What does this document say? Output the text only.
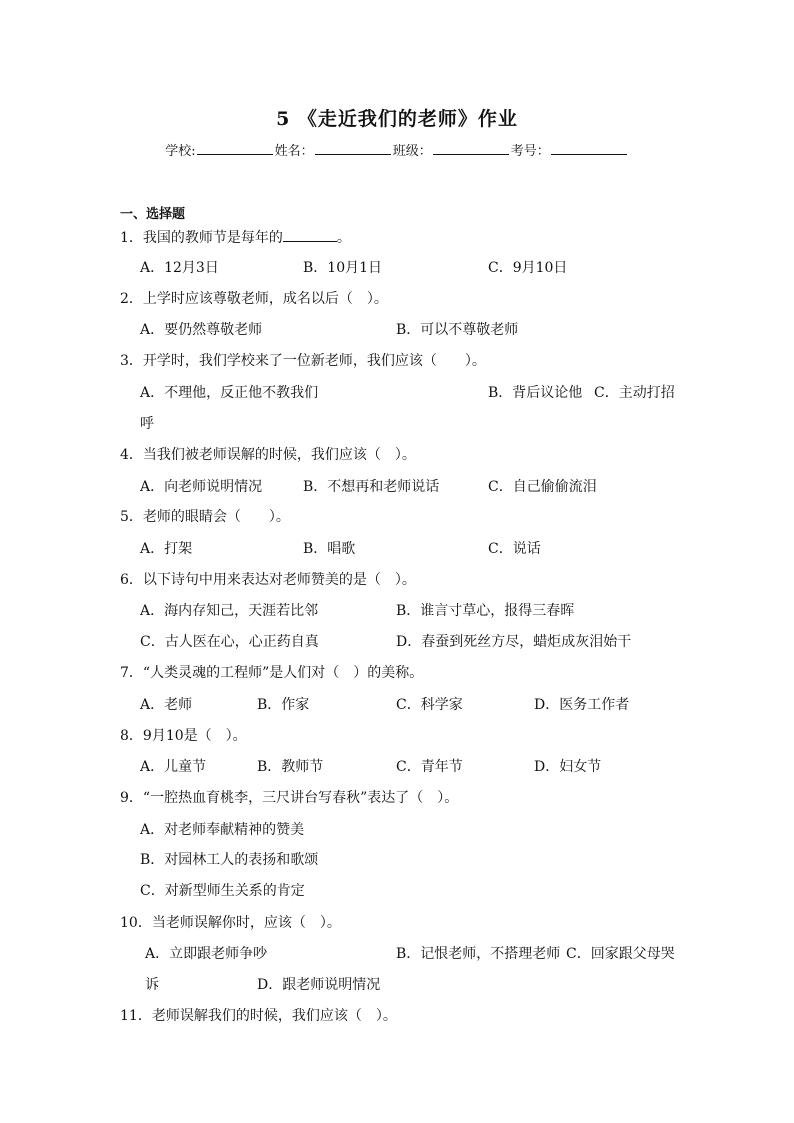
5 《走近我们的老师》作业
学校:	姓名：	班级：	考号：
一、选择题
1．我国的教师节是每年的	。
A．12月3日	B．10月1日	C．9月10日
2．上学时应该尊敬老师，成名以后（　）。
A．要仍然尊敬老师	B．可以不尊敬老师
3．开学时，我们学校来了一位新老师，我们应该（　　）。
A．不理他，反正他不教我们	B．背后议论他 C．主动打招
呼
4．当我们被老师误解的时候，我们应该（　）。
A．向老师说明情况	B．不想再和老师说话	C．自己偷偷流泪
5．老师的眼睛会（　　）。
A．打架	B．唱歌	C．说话
6．以下诗句中用来表达对老师赞美的是（　）。
A．海内存知己，天涯若比邻	B．谁言寸草心，报得三春晖
C．古人医在心，心正药自真	D．春蚕到死丝方尽，蜡炬成灰泪始干
7．“人类灵魂的工程师”是人们对（　）的美称。
A．老师	B．作家	C．科学家	D．医务工作者
8．9月10是（　）。
A．儿童节	B．教师节	C．青年节	D．妇女节
9．“一腔热血育桃李，三尺讲台写春秋”表达了（　）。
A．对老师奉献精神的赞美
B．对园林工人的表扬和歌颂
C．对新型师生关系的肯定
10．当老师误解你时，应该（　）。
A．立即跟老师争吵	B．记恨老师，不搭理老师 C．回家跟父母哭
诉	D．跟老师说明情况
11．老师误解我们的时候，我们应该（　）。
